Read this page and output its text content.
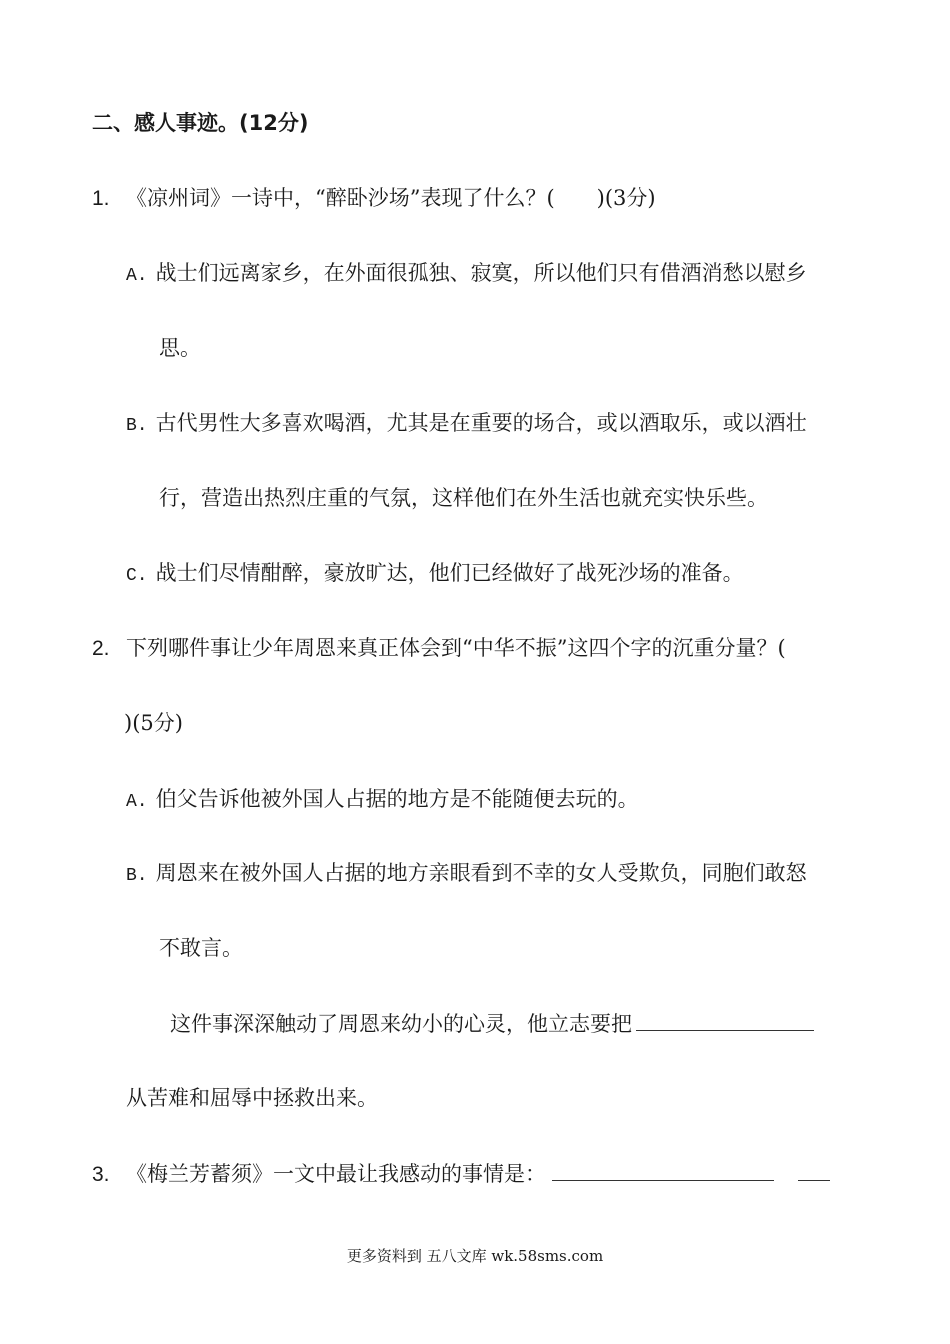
二、感人事迹。(12分)
1. 《凉州词》一诗中，“醉卧沙场”表现了什么？(　　)(3分)
A. 战士们远离家乡，在外面很孤独、寂寞，所以他们只有借酒消愁以慰乡
思。
B. 古代男性大多喜欢喝酒，尤其是在重要的场合，或以酒取乐，或以酒壮
行，营造出热烈庄重的气氛，这样他们在外生活也就充实快乐些。
C. 战士们尽情酣醉，豪放旷达，他们已经做好了战死沙场的准备。
2. 下列哪件事让少年周恩来真正体会到“中华不振”这四个字的沉重分量？(
)(5分)
A. 伯父告诉他被外国人占据的地方是不能随便去玩的。
B. 周恩来在被外国人占据的地方亲眼看到不幸的女人受欺负，同胞们敢怒
不敢言。
这件事深深触动了周恩来幼小的心灵，他立志要把
从苦难和屈辱中拯救出来。
3. 《梅兰芳蓄须》一文中最让我感动的事情是：
更多资料到 五八文库 wk.58sms.com
